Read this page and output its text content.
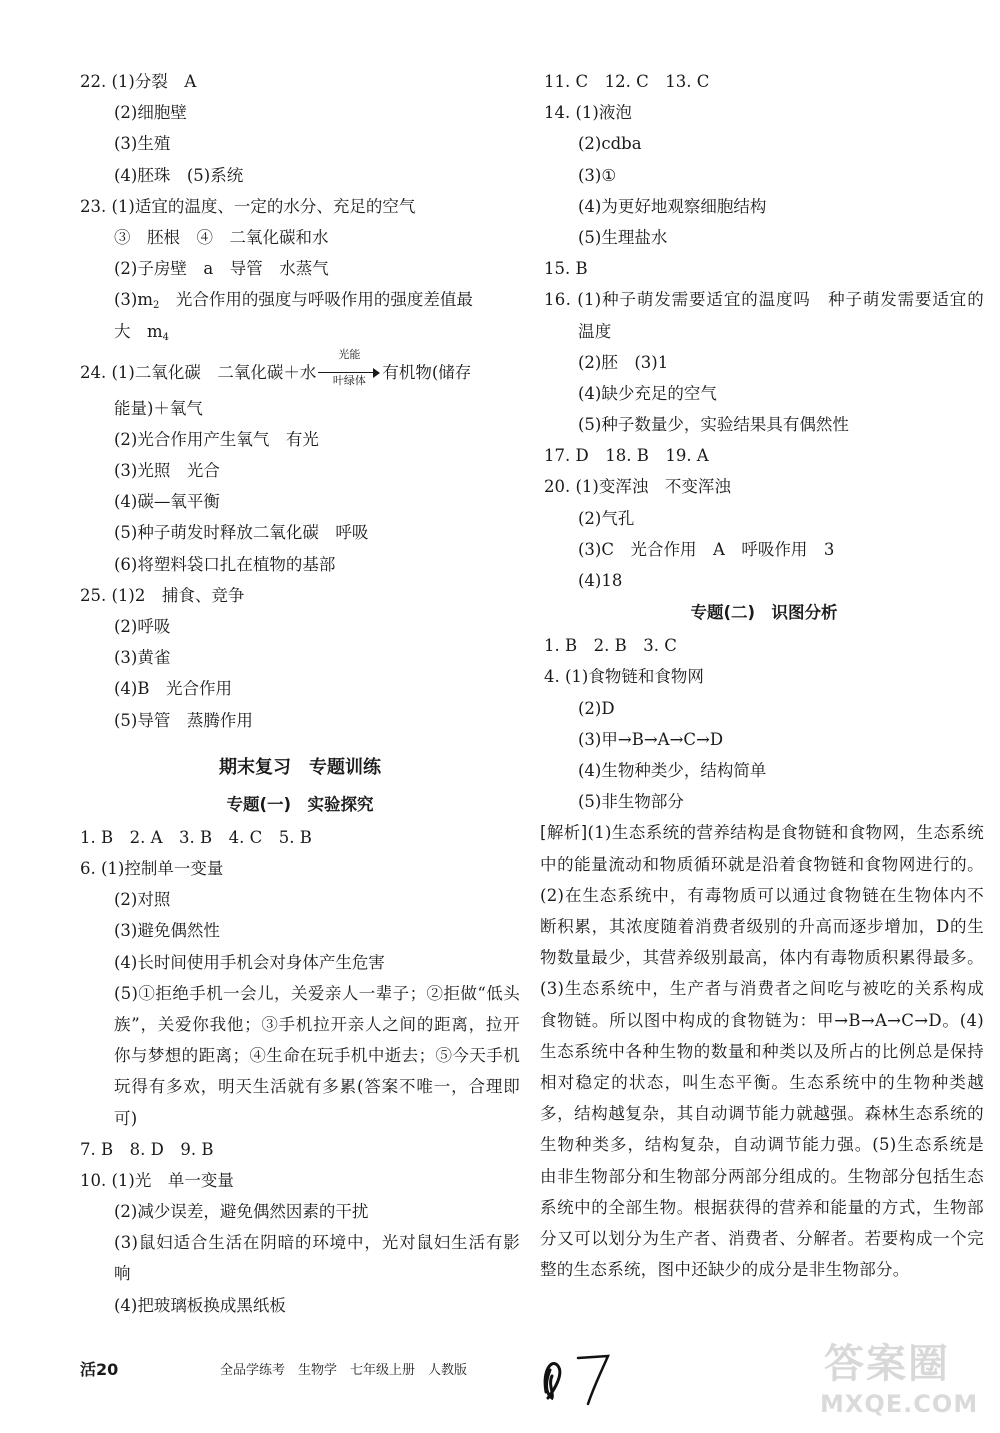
22. (1)分裂　A
(2)细胞壁
(3)生殖
(4)胚珠　(5)系统
23. (1)适宜的温度、一定的水分、充足的空气
③　胚根　④　二氧化碳和水
(2)子房壁　a　导管　水蒸气
$(3)m_2$　光合作用的强度与呼吸作用的强度差值最
大　$m_4$
24. (1)二氧化碳　二氧化碳＋水
光能
叶绿体	有机物(储存
能量)＋氧气
(2)光合作用产生氧气　有光
(3)光照　光合
(4)碳—氧平衡
(5)种子萌发时释放二氧化碳　呼吸
(6)将塑料袋口扎在植物的基部
25. (1)2　捕食、竞争
(2)呼吸
(3)黄雀
(4)B　光合作用
(5)导管　蒸腾作用
期末复习　专题训练
专题(一)　实验探究
1. B　2. A　3. B　4. C　5. B
6. (1)控制单一变量
(2)对照
(3)避免偶然性
(4)长时间使用手机会对身体产生危害
(5)①拒绝手机一会儿，关爱亲人一辈子；②拒做“低头族”，关爱你我他；③手机拉开亲人之间的距离，拉开你与梦想的距离；④生命在玩手机中逝去；⑤今天手机玩得有多欢，明天生活就有多累(答案不唯一，合理即可)
7. B　8. D　9. B
10. (1)光　单一变量
(2)减少误差，避免偶然因素的干扰
(3)鼠妇适合生活在阴暗的环境中，光对鼠妇生活有影响
(4)把玻璃板换成黑纸板
11. C　12. C　13. C
14. (1)液泡
(2)cdba
(3)①
(4)为更好地观察细胞结构
(5)生理盐水
15. B
16. (1)种子萌发需要适宜的温度吗　种子萌发需要适宜的温度
(2)胚　(3)1
(4)缺少充足的空气
(5)种子数量少，实验结果具有偶然性
17. D　18. B　19. A
20. (1)变浑浊　不变浑浊
(2)气孔
(3)C　光合作用　A　呼吸作用　3
(4)18
专题(二)　识图分析
1. B　2. B　3. C
4. (1)食物链和食物网
(2)D
(3)甲→B→A→C→D
(4)生物种类少，结构简单
(5)非生物部分
[解析](1)生态系统的营养结构是食物链和食物网，生态系统中的能量流动和物质循环就是沿着食物链和食物网进行的。(2)在生态系统中，有毒物质可以通过食物链在生物体内不断积累，其浓度随着消费者级别的升高而逐步增加，D的生物数量最少，其营养级别最高，体内有毒物质积累得最多。(3)生态系统中，生产者与消费者之间吃与被吃的关系构成食物链。所以图中构成的食物链为：甲→B→A→C→D。(4)生态系统中各种生物的数量和种类以及所占的比例总是保持相对稳定的状态，叫生态平衡。生态系统中的生物种类越多，结构越复杂，其自动调节能力就越强。森林生态系统的生物种类多，结构复杂，自动调节能力强。(5)生态系统是由非生物部分和生物部分两部分组成的。生物部分包括生态系统中的全部生物。根据获得的营养和能量的方式，生物部分又可以划分为生产者、消费者、分解者。若要构成一个完整的生态系统，图中还缺少的成分是非生物部分。
活20	全品学练考　生物学　七年级上册　人教版	答案圈
MXQE.COM
